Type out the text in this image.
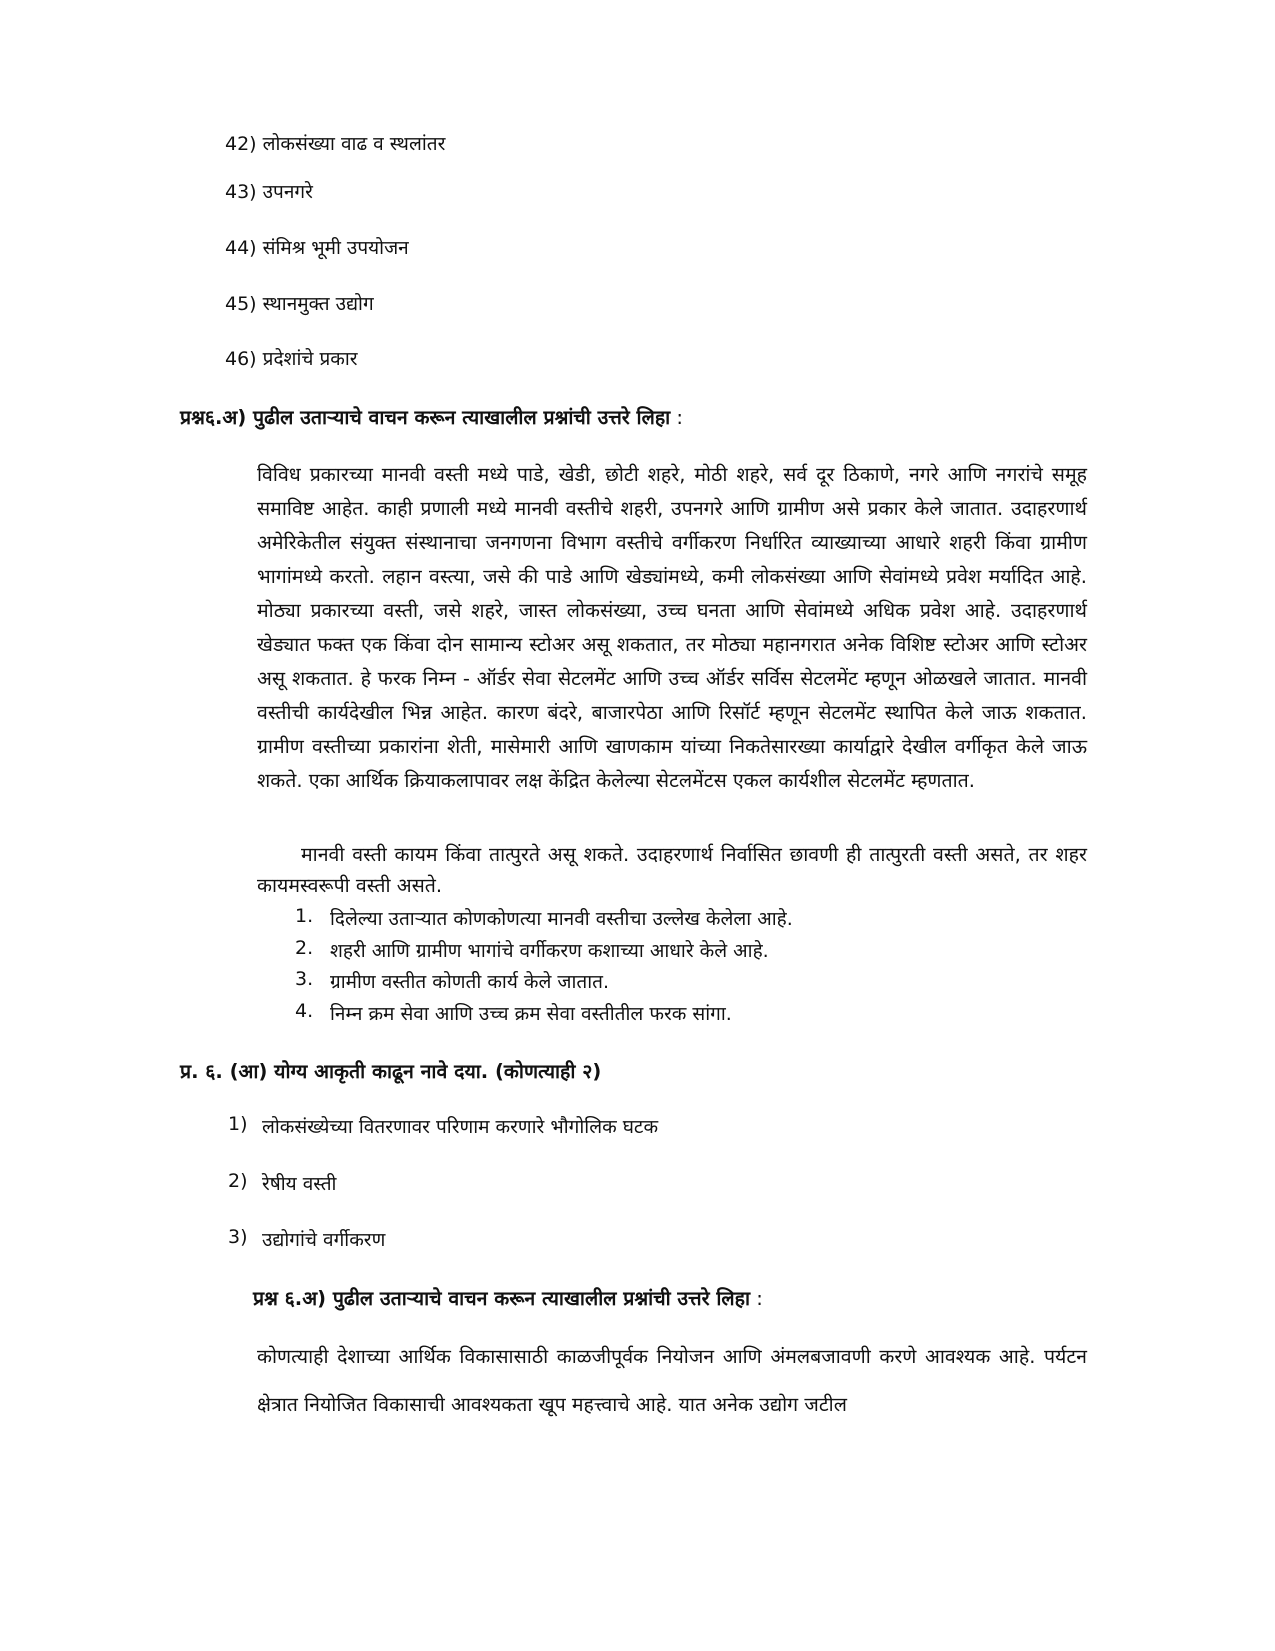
42) लोकसंख्या वाढ व स्थलांतर
43) उपनगरे
44) संमिश्र भूमी उपयोजन
45) स्थानमुक्त उद्योग
46) प्रदेशांचे प्रकार
प्रश्न६.अ) पुढील उताऱ्याचे वाचन करून त्याखालील प्रश्नांची उत्तरे लिहा :

विविध प्रकारच्या मानवी वस्ती मध्ये पाडे, खेडी, छोटी शहरे, मोठी शहरे, सर्व दूर ठिकाणे, नगरे आणि नगरांचे समूह समाविष्ट आहेत. काही प्रणाली मध्ये मानवी वस्तीचे शहरी, उपनगरे आणि ग्रामीण असे प्रकार केले जातात. उदाहरणार्थ अमेरिकेतील संयुक्त संस्थानाचा जनगणना विभाग वस्तीचे वर्गीकरण निर्धारित व्याख्याच्या आधारे शहरी किंवा ग्रामीण भागांमध्ये करतो. लहान वस्त्या, जसे की पाडे आणि खेड्यांमध्ये, कमी लोकसंख्या आणि सेवांमध्ये प्रवेश मर्यादित आहे. मोठ्या प्रकारच्या वस्ती, जसे शहरे, जास्त लोकसंख्या, उच्च घनता आणि सेवांमध्ये अधिक प्रवेश आहे. उदाहरणार्थ खेड्यात फक्त एक किंवा दोन सामान्य स्टोअर असू शकतात, तर मोठ्या महानगरात अनेक विशिष्ट स्टोअर आणि स्टोअर असू शकतात. हे फरक निम्न - ऑर्डर सेवा सेटलमेंट आणि उच्च ऑर्डर सर्विस सेटलमेंट म्हणून ओळखले जातात. मानवी वस्तीची कार्यदेखील भिन्न आहेत. कारण बंदरे, बाजारपेठा आणि रिसॉर्ट म्हणून सेटलमेंट स्थापित केले जाऊ शकतात. ग्रामीण वस्तीच्या प्रकारांना शेती, मासेमारी आणि खाणकाम यांच्या निकतेसारख्या कार्याद्वारे देखील वर्गीकृत केले जाऊ शकते. एका आर्थिक क्रियाकलापावर लक्ष केंद्रित केलेल्या सेटलमेंटस एकल कार्यशील सेटलमेंट म्हणतात.

मानवी वस्ती कायम किंवा तात्पुरते असू शकते. उदाहरणार्थ निर्वासित छावणी ही तात्पुरती वस्ती असते, तर शहर कायमस्वरूपी वस्ती असते.

1. दिलेल्या उताऱ्यात कोणकोणत्या मानवी वस्तीचा उल्लेख केलेला आहे.
2. शहरी आणि ग्रामीण भागांचे वर्गीकरण कशाच्या आधारे केले आहे.
3. ग्रामीण वस्तीत कोणती कार्य केले जातात.
4. निम्न क्रम सेवा आणि उच्च क्रम सेवा वस्तीतील फरक सांगा.
प्र. ६. (आ) योग्य आकृती काढून नावे दया. (कोणत्याही २)
1) लोकसंख्येच्या वितरणावर परिणाम करणारे भौगोलिक घटक
2) रेषीय वस्ती
3) उद्योगांचे वर्गीकरण
प्रश्न ६.अ) पुढील उताऱ्याचे वाचन करून त्याखालील प्रश्नांची उत्तरे लिहा :

कोणत्याही देशाच्या आर्थिक विकासासाठी काळजीपूर्वक नियोजन आणि अंमलबजावणी करणे आवश्यक आहे. पर्यटन क्षेत्रात नियोजित विकासाची आवश्यकता खूप महत्त्वाचे आहे. यात अनेक उद्योग जटील
